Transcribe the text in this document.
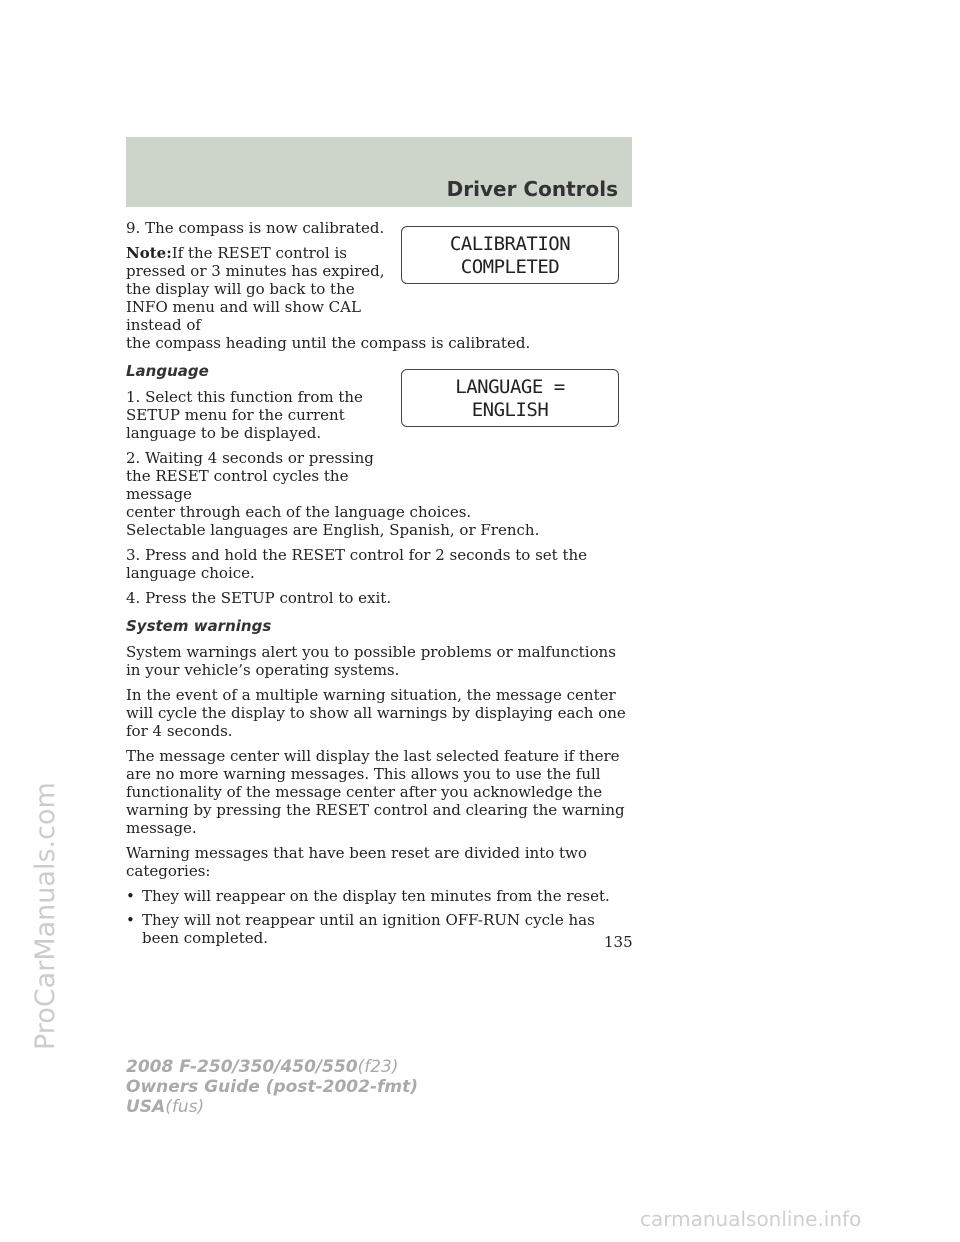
Driver Controls
CALIBRATION
COMPLETED
LANGUAGE =
ENGLISH

9. The compass is now calibrated.

Note:If the RESET control is pressed or 3 minutes has expired, the display will go back to the INFO menu and will show CAL instead of

the compass heading until the compass is calibrated.

Language

1. Select this function from the SETUP menu for the current language to be displayed.

2. Waiting 4 seconds or pressing the RESET control cycles the message

center through each of the language choices.

Selectable languages are English, Spanish, or French.

3. Press and hold the RESET control for 2 seconds to set the language choice.

4. Press the SETUP control to exit.

System warnings

System warnings alert you to possible problems or malfunctions in your vehicle’s operating systems.

In the event of a multiple warning situation, the message center will cycle the display to show all warnings by displaying each one for 4 seconds.

The message center will display the last selected feature if there are no more warning messages. This allows you to use the full functionality of the message center after you acknowledge the warning by pressing the RESET control and clearing the warning message.

Warning messages that have been reset are divided into two categories:

• They will reappear on the display ten minutes from the reset.
• They will not reappear until an ignition OFF-RUN cycle has been completed.	135
2008 F-250/350/450/550(f23)
Owners Guide (post-2002-fmt)
USA(fus)
ProCarManuals.com
carmanualsonline.info
